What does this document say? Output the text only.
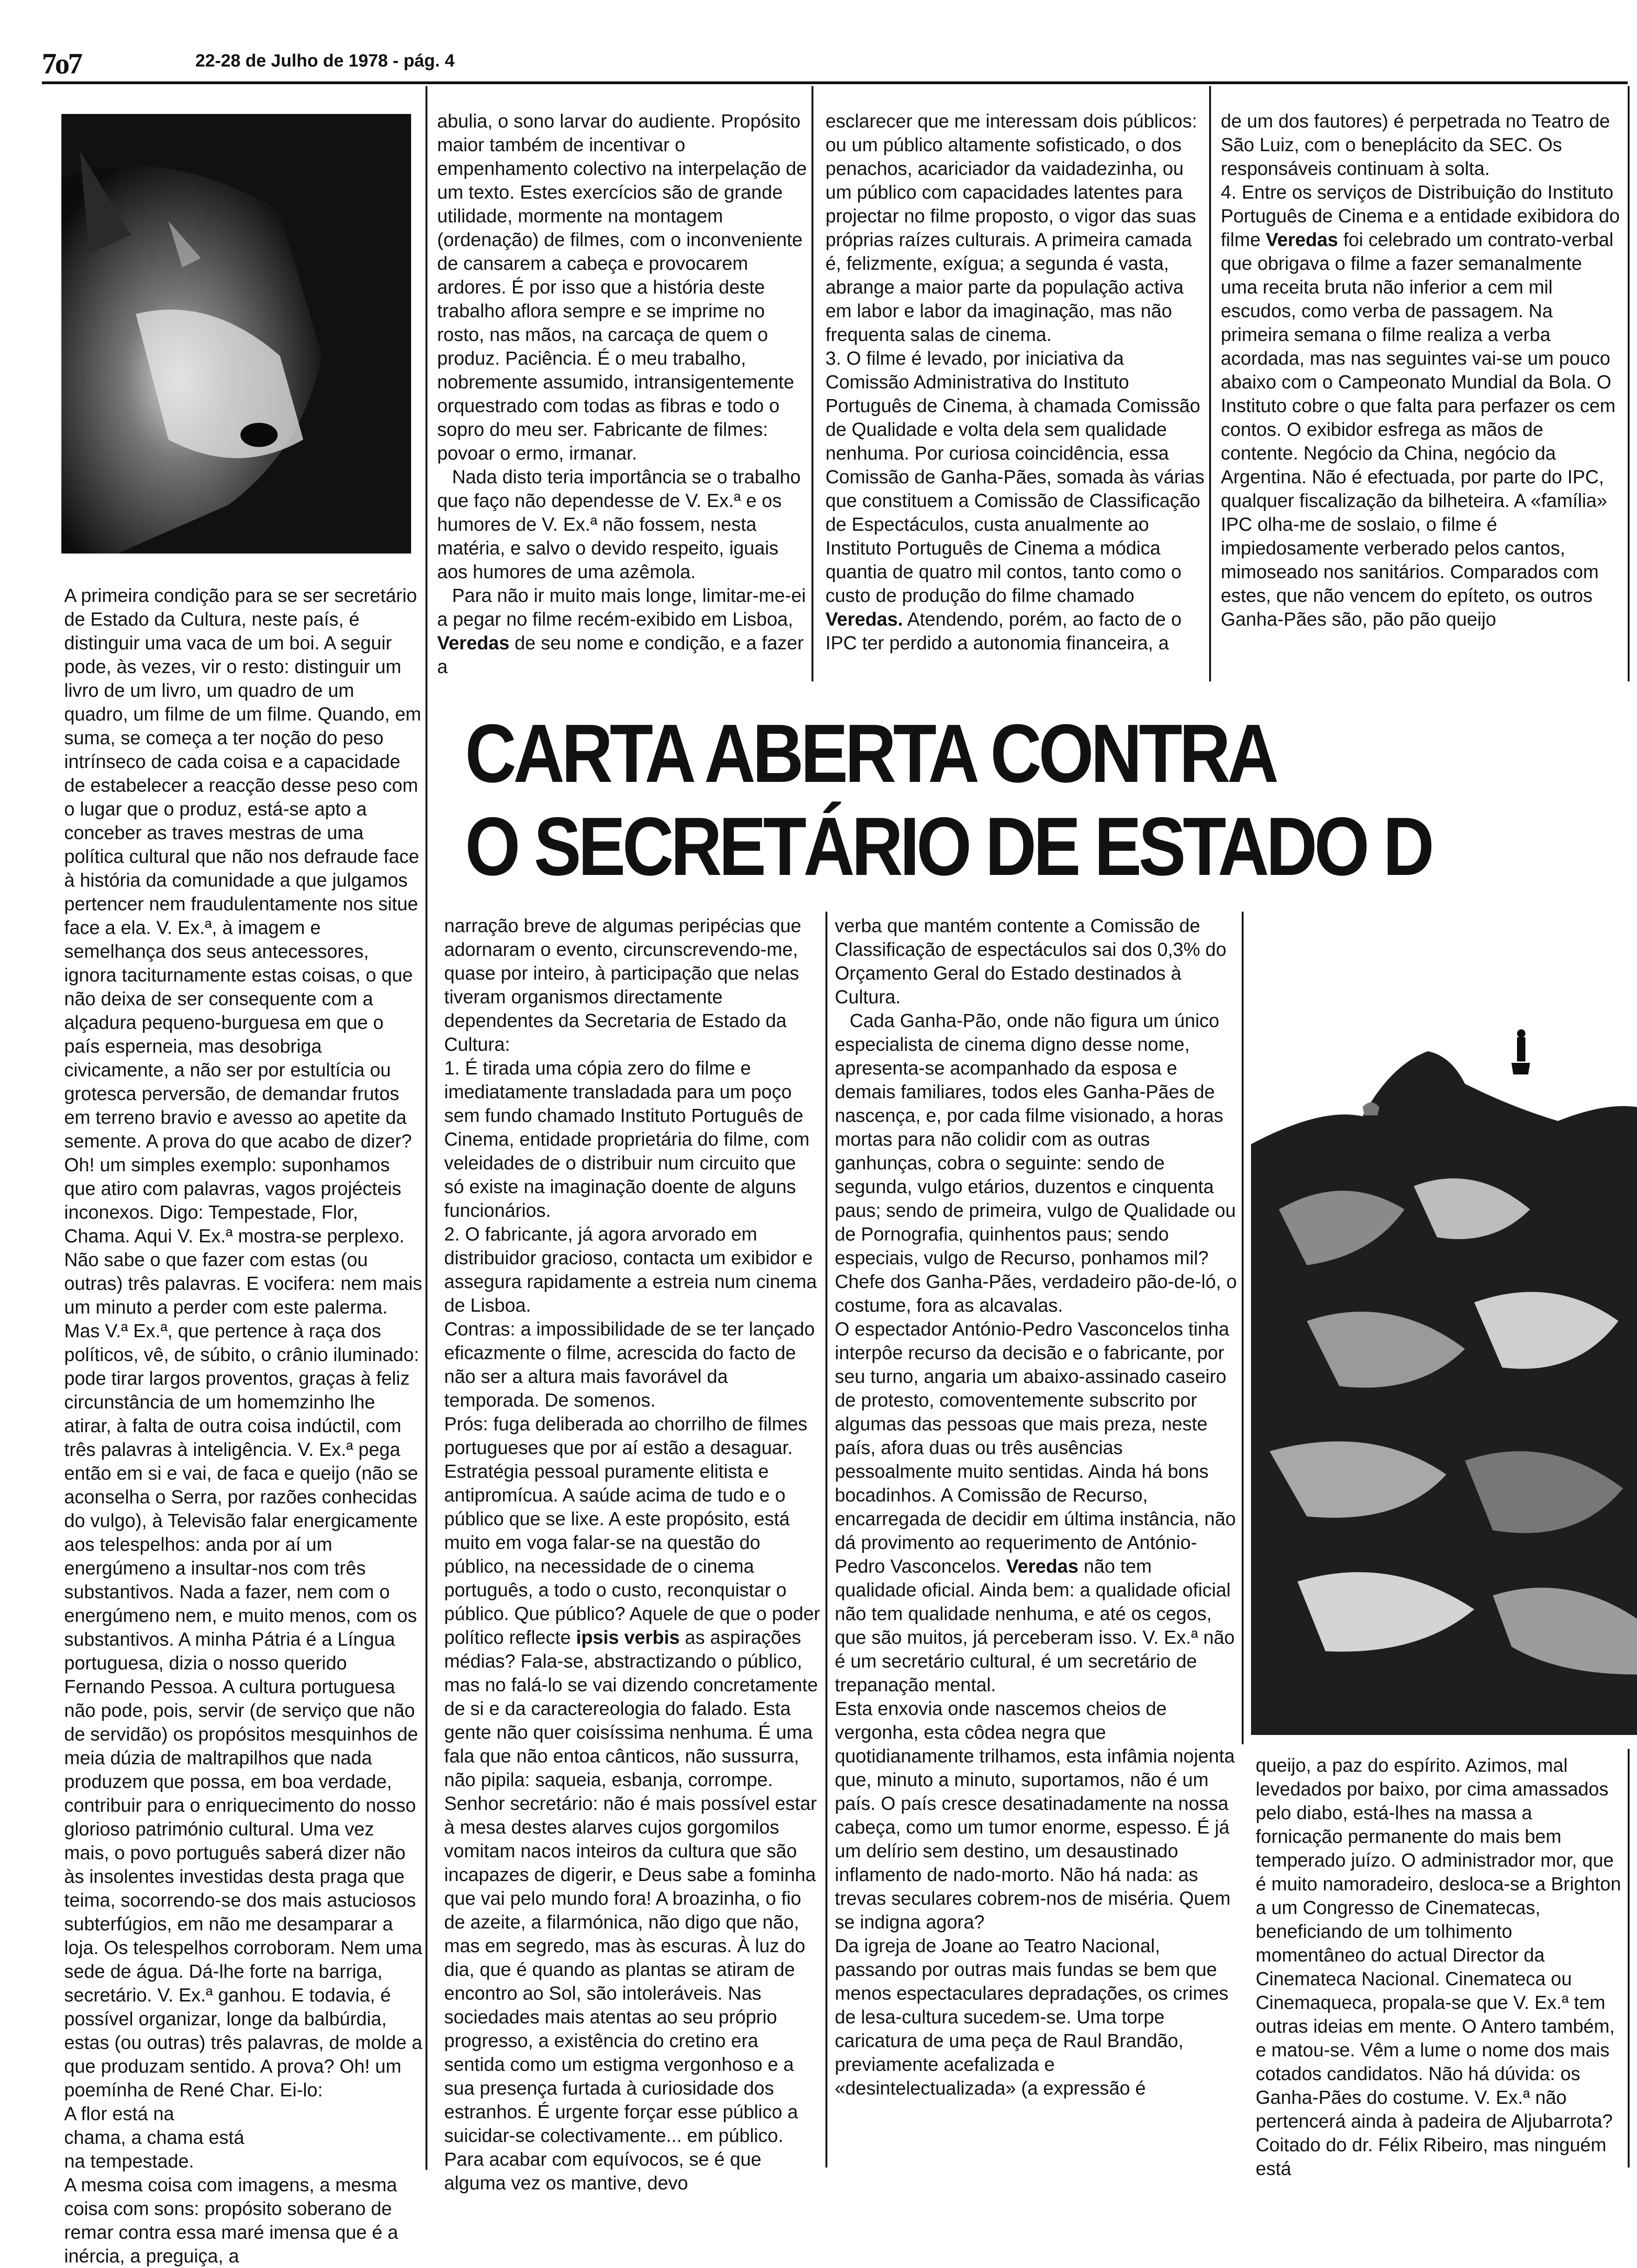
7o7	22-28 de Julho de 1978 - pág. 4
CARTA ABERTA CONTRA
O SECRETÁRIO DE ESTADO D

A primeira condição para se ser secretário de Estado da Cultura, neste país, é distinguir uma vaca de um boi. A seguir pode, às vezes, vir o resto: distinguir um livro de um livro, um quadro de um quadro, um filme de um filme. Quando, em suma, se começa a ter noção do peso intrínseco de cada coisa e a capacidade de estabelecer a reacção desse peso com o lugar que o produz, está-se apto a conceber as traves mestras de uma política cultural que não nos defraude face à história da comunidade a que julgamos pertencer nem fraudulentamente nos situe face a ela. V. Ex.ª, à imagem e semelhança dos seus antecessores, ignora taciturnamente estas coisas, o que não deixa de ser consequente com a alçadura pequeno-burguesa em que o país esperneia, mas desobriga civicamente, a não ser por estultícia ou grotesca perversão, de demandar frutos em terreno bravio e avesso ao apetite da semente. A prova do que acabo de dizer? Oh! um simples exemplo: suponhamos que atiro com palavras, vagos projécteis inconexos. Digo: Tempestade, Flor, Chama. Aqui V. Ex.ª mostra-se perplexo. Não sabe o que fazer com estas (ou outras) três palavras. E vocifera: nem mais um minuto a perder com este palerma. Mas V.ª Ex.ª, que pertence à raça dos políticos, vê, de súbito, o crânio iluminado: pode tirar largos proventos, graças à feliz circunstância de um homemzinho lhe atirar, à falta de outra coisa indúctil, com três palavras à inteligência. V. Ex.ª pega então em si e vai, de faca e queijo (não se aconselha o Serra, por razões conhecidas do vulgo), à Televisão falar energicamente aos telespelhos: anda por aí um energúmeno a insultar-nos com três substantivos. Nada a fazer, nem com o energúmeno nem, e muito menos, com os substantivos. A minha Pátria é a Língua portuguesa, dizia o nosso querido Fernando Pessoa. A cultura portuguesa não pode, pois, servir (de serviço que não de servidão) os propósitos mesquinhos de meia dúzia de maltrapilhos que nada produzem que possa, em boa verdade, contribuir para o enriquecimento do nosso glorioso património cultural. Uma vez mais, o povo português saberá dizer não às insolentes investidas desta praga que teima, socorrendo-se dos mais astuciosos subterfúgios, em não me desamparar a loja. Os telespelhos corroboram. Nem uma sede de água. Dá-lhe forte na barriga, secretário. V. Ex.ª ganhou. E todavia, é possível organizar, longe da balbúrdia, estas (ou outras) três palavras, de molde a que produzam sentido. A prova? Oh! um poemínha de René Char. Ei-lo:

A flor está na

chama, a chama está

na tempestade.

A mesma coisa com imagens, a mesma coisa com sons: propósito soberano de remar contra essa maré imensa que é a inércia, a preguiça, a

abulia, o sono larvar do audiente. Propósito maior também de incentivar o empenhamento colectivo na interpelação de um texto. Estes exercícios são de grande utilidade, mormente na montagem (ordenação) de filmes, com o inconveniente de cansarem a cabeça e provocarem ardores. É por isso que a história deste trabalho aflora sempre e se imprime no rosto, nas mãos, na carcaça de quem o produz. Paciência. É o meu trabalho, nobremente assumido, intransigentemente orquestrado com todas as fibras e todo o sopro do meu ser. Fabricante de filmes: povoar o ermo, irmanar.

Nada disto teria importância se o trabalho que faço não dependesse de V. Ex.ª e os humores de V. Ex.ª não fossem, nesta matéria, e salvo o devido respeito, iguais aos humores de uma azêmola.

Para não ir muito mais longe, limitar-me-ei a pegar no filme recém-exibido em Lisboa, Veredas de seu nome e condição, e a fazer a

esclarecer que me interessam dois públicos: ou um público altamente sofisticado, o dos penachos, acariciador da vaidadezinha, ou um público com capacidades latentes para projectar no filme proposto, o vigor das suas próprias raízes culturais. A primeira camada é, felizmente, exígua; a segunda é vasta, abrange a maior parte da população activa em labor e labor da imaginação, mas não frequenta salas de cinema.

3. O filme é levado, por iniciativa da Comissão Administrativa do Instituto Português de Cinema, à chamada Comissão de Qualidade e volta dela sem qualidade nenhuma. Por curiosa coincidência, essa Comissão de Ganha-Pães, somada às várias que constituem a Comissão de Classificação de Espectáculos, custa anualmente ao Instituto Português de Cinema a módica quantia de quatro mil contos, tanto como o custo de produção do filme chamado Veredas. Atendendo, porém, ao facto de o IPC ter perdido a autonomia financeira, a

de um dos fautores) é perpetrada no Teatro de São Luiz, com o beneplácito da SEC. Os responsáveis continuam à solta.

4. Entre os serviços de Distribuição do Instituto Português de Cinema e a entidade exibidora do filme Veredas foi celebrado um contrato-verbal que obrigava o filme a fazer semanalmente uma receita bruta não inferior a cem mil escudos, como verba de passagem. Na primeira semana o filme realiza a verba acordada, mas nas seguintes vai-se um pouco abaixo com o Campeonato Mundial da Bola. O Instituto cobre o que falta para perfazer os cem contos. O exibidor esfrega as mãos de contente. Negócio da China, negócio da Argentina. Não é efectuada, por parte do IPC, qualquer fiscalização da bilheteira. A «família» IPC olha-me de soslaio, o filme é impiedosamente verberado pelos cantos, mimoseado nos sanitários. Comparados com estes, que não vencem do epíteto, os outros Ganha-Pães são, pão pão queijo

narração breve de algumas peripécias que adornaram o evento, circunscrevendo-me, quase por inteiro, à participação que nelas tiveram organismos directamente dependentes da Secretaria de Estado da Cultura:

1. É tirada uma cópia zero do filme e imediatamente transladada para um poço sem fundo chamado Instituto Português de Cinema, entidade proprietária do filme, com veleidades de o distribuir num circuito que só existe na imaginação doente de alguns funcionários.

2. O fabricante, já agora arvorado em distribuidor gracioso, contacta um exibidor e assegura rapidamente a estreia num cinema de Lisboa.

Contras: a impossibilidade de se ter lançado eficazmente o filme, acrescida do facto de não ser a altura mais favorável da temporada. De somenos.

Prós: fuga deliberada ao chorrilho de filmes portugueses que por aí estão a desaguar. Estratégia pessoal puramente elitista e antipromícua. A saúde acima de tudo e o público que se lixe. A este propósito, está muito em voga falar-se na questão do público, na necessidade de o cinema português, a todo o custo, reconquistar o público. Que público? Aquele de que o poder político reflecte ipsis verbis as aspirações médias? Fala-se, abstractizando o público, mas no falá-lo se vai dizendo concretamente de si e da caractereologia do falado. Esta gente não quer coisíssima nenhuma. É uma fala que não entoa cânticos, não sussurra, não pipila: saqueia, esbanja, corrompe. Senhor secretário: não é mais possível estar à mesa destes alarves cujos gorgomilos vomitam nacos inteiros da cultura que são incapazes de digerir, e Deus sabe a fominha que vai pelo mundo fora! A broazinha, o fio de azeite, a filarmónica, não digo que não, mas em segredo, mas às escuras. À luz do dia, que é quando as plantas se atiram de encontro ao Sol, são intoleráveis. Nas sociedades mais atentas ao seu próprio progresso, a existência do cretino era sentida como um estigma vergonhoso e a sua presença furtada à curiosidade dos estranhos. É urgente forçar esse público a suicidar-se colectivamente... em público. Para acabar com equívocos, se é que alguma vez os mantive, devo

verba que mantém contente a Comissão de Classificação de espectáculos sai dos 0,3% do Orçamento Geral do Estado destinados à Cultura.

Cada Ganha-Pão, onde não figura um único especialista de cinema digno desse nome, apresenta-se acompanhado da esposa e demais familiares, todos eles Ganha-Pães de nascença, e, por cada filme visionado, a horas mortas para não colidir com as outras ganhunças, cobra o seguinte: sendo de segunda, vulgo etários, duzentos e cinquenta paus; sendo de primeira, vulgo de Qualidade ou de Pornografia, quinhentos paus; sendo especiais, vulgo de Recurso, ponhamos mil? Chefe dos Ganha-Pães, verdadeiro pão-de-ló, o costume, fora as alcavalas.

O espectador António-Pedro Vasconcelos tinha interpôe recurso da decisão e o fabricante, por seu turno, angaria um abaixo-assinado caseiro de protesto, comoventemente subscrito por algumas das pessoas que mais preza, neste país, afora duas ou três ausências pessoalmente muito sentidas. Ainda há bons bocadinhos. A Comissão de Recurso, encarregada de decidir em última instância, não dá provimento ao requerimento de António-Pedro Vasconcelos. Veredas não tem qualidade oficial. Ainda bem: a qualidade oficial não tem qualidade nenhuma, e até os cegos, que são muitos, já perceberam isso. V. Ex.ª não é um secretário cultural, é um secretário de trepanação mental.

Esta enxovia onde nascemos cheios de vergonha, esta côdea negra que quotidianamente trilhamos, esta infâmia nojenta que, minuto a minuto, suportamos, não é um país. O país cresce desatinadamente na nossa cabeça, como um tumor enorme, espesso. É já um delírio sem destino, um desaustinado inflamento de nado-morto. Não há nada: as trevas seculares cobrem-nos de miséria. Quem se indigna agora?

Da igreja de Joane ao Teatro Nacional, passando por outras mais fundas se bem que menos espectaculares depradações, os crimes de lesa-cultura sucedem-se. Uma torpe caricatura de uma peça de Raul Brandão, previamente acefalizada e «desintelectualizada» (a expressão é

queijo, a paz do espírito. Azimos, mal levedados por baixo, por cima amassados pelo diabo, está-lhes na massa a fornicação permanente do mais bem temperado juízo. O administrador mor, que é muito namoradeiro, desloca-se a Brighton a um Congresso de Cinematecas, beneficiando de um tolhimento momentâneo do actual Director da Cinemateca Nacional. Cinemateca ou Cinemaqueca, propala-se que V. Ex.ª tem outras ideias em mente. O Antero também, e matou-se. Vêm a lume o nome dos mais cotados candidatos. Não há dúvida: os Ganha-Pães do costume. V. Ex.ª não pertencerá ainda à padeira de Aljubarrota? Coitado do dr. Félix Ribeiro, mas ninguém está
